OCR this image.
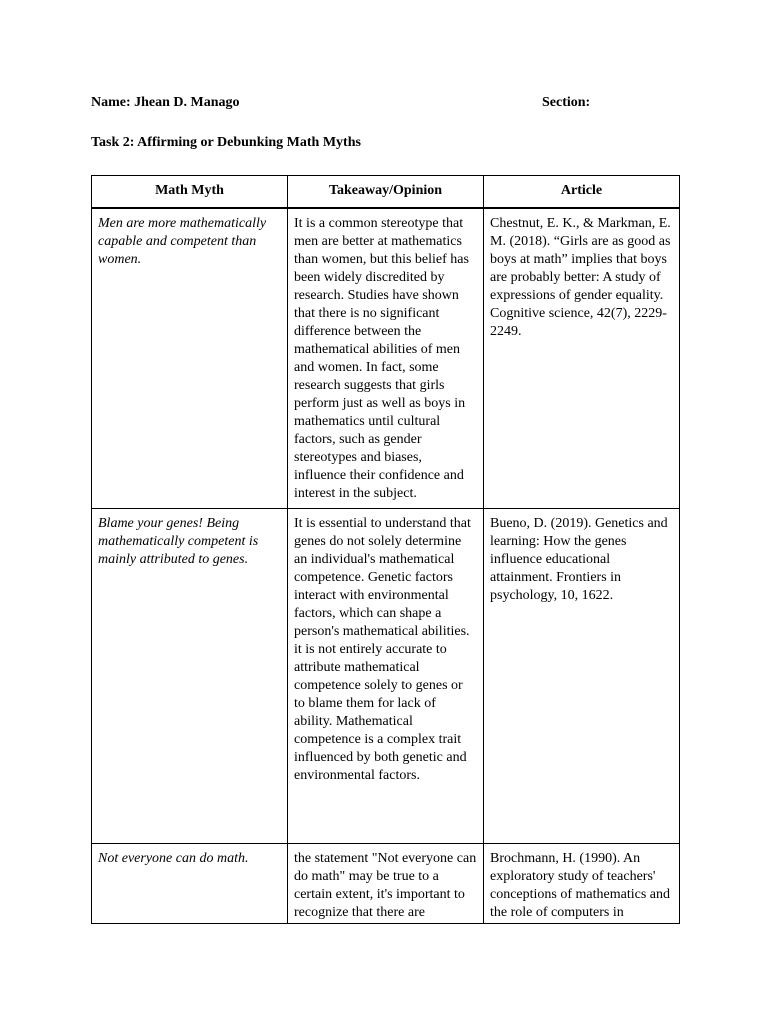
Name: Jhean D. Manago	Section:
Task 2: Affirming or Debunking Math Myths
Math Myth	Takeaway/Opinion	Article
Men are more mathematically capable and competent than women.	It is a common stereotype that men are better at mathematics than women, but this belief has been widely discredited by research. Studies have shown that there is no significant difference between the mathematical abilities of men and women. In fact, some research suggests that girls perform just as well as boys in mathematics until cultural factors, such as gender stereotypes and biases, influence their confidence and interest in the subject.	Chestnut, E. K., & Markman, E. M. (2018). “Girls are as good as boys at math” implies that boys are probably better: A study of expressions of gender equality. Cognitive science, 42(7), 2229-2249.
Blame your genes! Being mathematically competent is mainly attributed to genes.	It is essential to understand that genes do not solely determine an individual's mathematical competence. Genetic factors interact with environmental factors, which can shape a person's mathematical abilities. it is not entirely accurate to attribute mathematical competence solely to genes or to blame them for lack of ability. Mathematical competence is a complex trait influenced by both genetic and environmental factors.	Bueno, D. (2019). Genetics and learning: How the genes influence educational attainment. Frontiers in psychology, 10, 1622.

Not everyone can do math.	the statement "Not everyone can do math" may be true to a certain extent, it's important to recognize that there are	Brochmann, H. (1990). An exploratory study of teachers' conceptions of mathematics and the role of computers in
